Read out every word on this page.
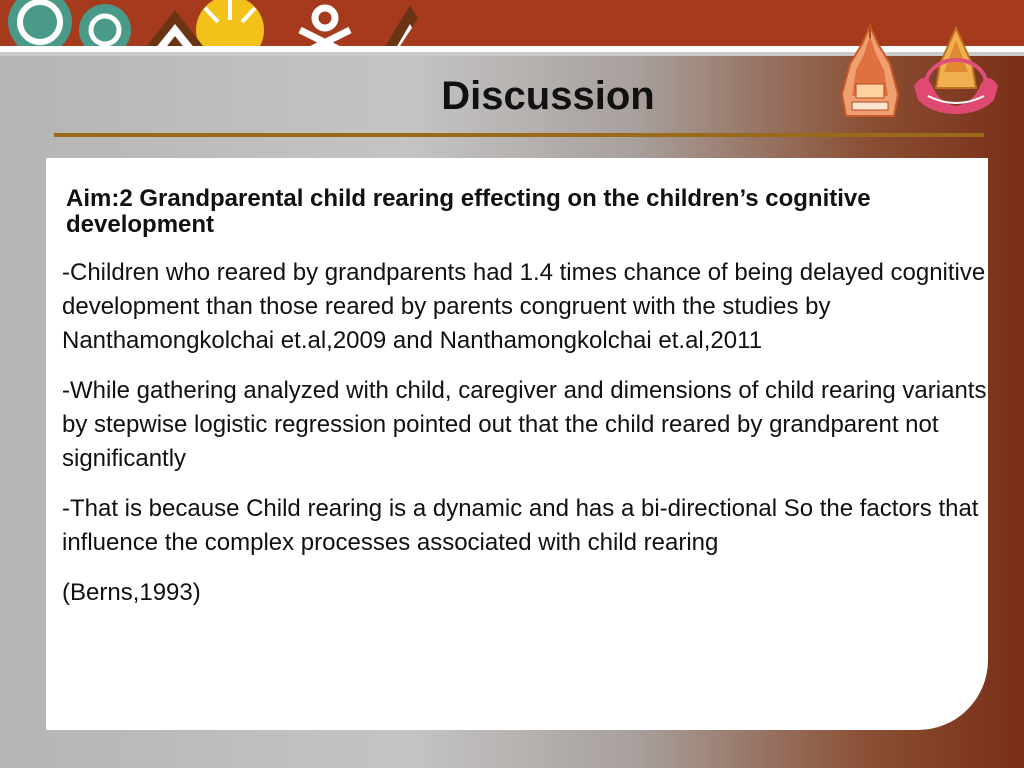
Discussion
Aim:2 Grandparental child rearing effecting on the children’s cognitive development

-Children who reared by grandparents had 1.4 times chance of being delayed cognitive development than those reared by parents congruent with the studies by Nanthamongkolchai et.al,2009 and Nanthamongkolchai et.al,2011

-While gathering analyzed with child, caregiver and dimensions of child rearing variants by stepwise logistic regression pointed out that the child reared by grandparent not significantly

-That is because Child rearing is a dynamic and has a bi-directional So the factors that influence the complex processes associated with child rearing

(Berns,1993)
